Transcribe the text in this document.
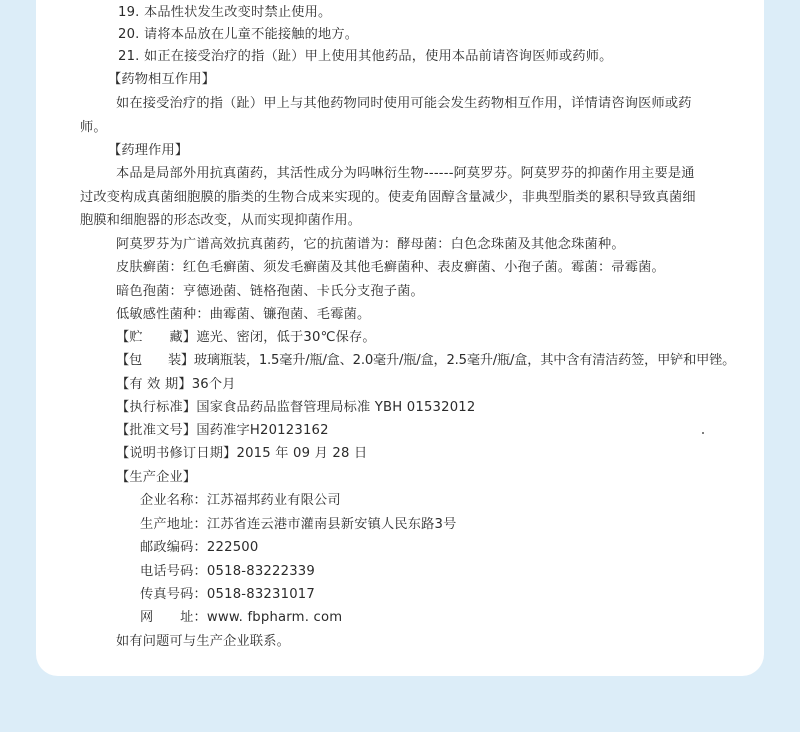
19. 本品性状发生改变时禁止使用。
20. 请将本品放在儿童不能接触的地方。
21. 如正在接受治疗的指（趾）甲上使用其他药品，使用本品前请咨询医师或药师。
【药物相互作用】
如在接受治疗的指（趾）甲上与其他药物同时使用可能会发生药物相互作用，详情请咨询医师或药
师。
【药理作用】
本品是局部外用抗真菌药，其活性成分为吗啉衍生物------阿莫罗芬。阿莫罗芬的抑菌作用主要是通
过改变构成真菌细胞膜的脂类的生物合成来实现的。使麦角固醇含量减少，非典型脂类的累积导致真菌细
胞膜和细胞器的形态改变，从而实现抑菌作用。
阿莫罗芬为广谱高效抗真菌药，它的抗菌谱为：酵母菌：白色念珠菌及其他念珠菌种。
皮肤癣菌：红色毛癣菌、须发毛癣菌及其他毛癣菌种、表皮癣菌、小孢子菌。霉菌：帚霉菌。
暗色孢菌：亨德逊菌、链格孢菌、卡氏分支孢子菌。
低敏感性菌种：曲霉菌、镰孢菌、毛霉菌。
【贮　　藏】遮光、密闭，低于30℃保存。
【包　　装】玻璃瓶装，1.5毫升/瓶/盒、2.0毫升/瓶/盒，2.5毫升/瓶/盒，其中含有清洁药签，甲铲和甲锉。
【有 效 期】36个月
【执行标准】国家食品药品监督管理局标准 YBH 01532012
【批准文号】国药准字H20123162
【说明书修订日期】2015 年 09 月 28 日
【生产企业】
企业名称：江苏福邦药业有限公司
生产地址：江苏省连云港市灌南县新安镇人民东路3号
邮政编码：222500
电话号码：0518-83222339
传真号码：0518-83231017
网　　址：www. fbpharm. com
如有问题可与生产企业联系。
